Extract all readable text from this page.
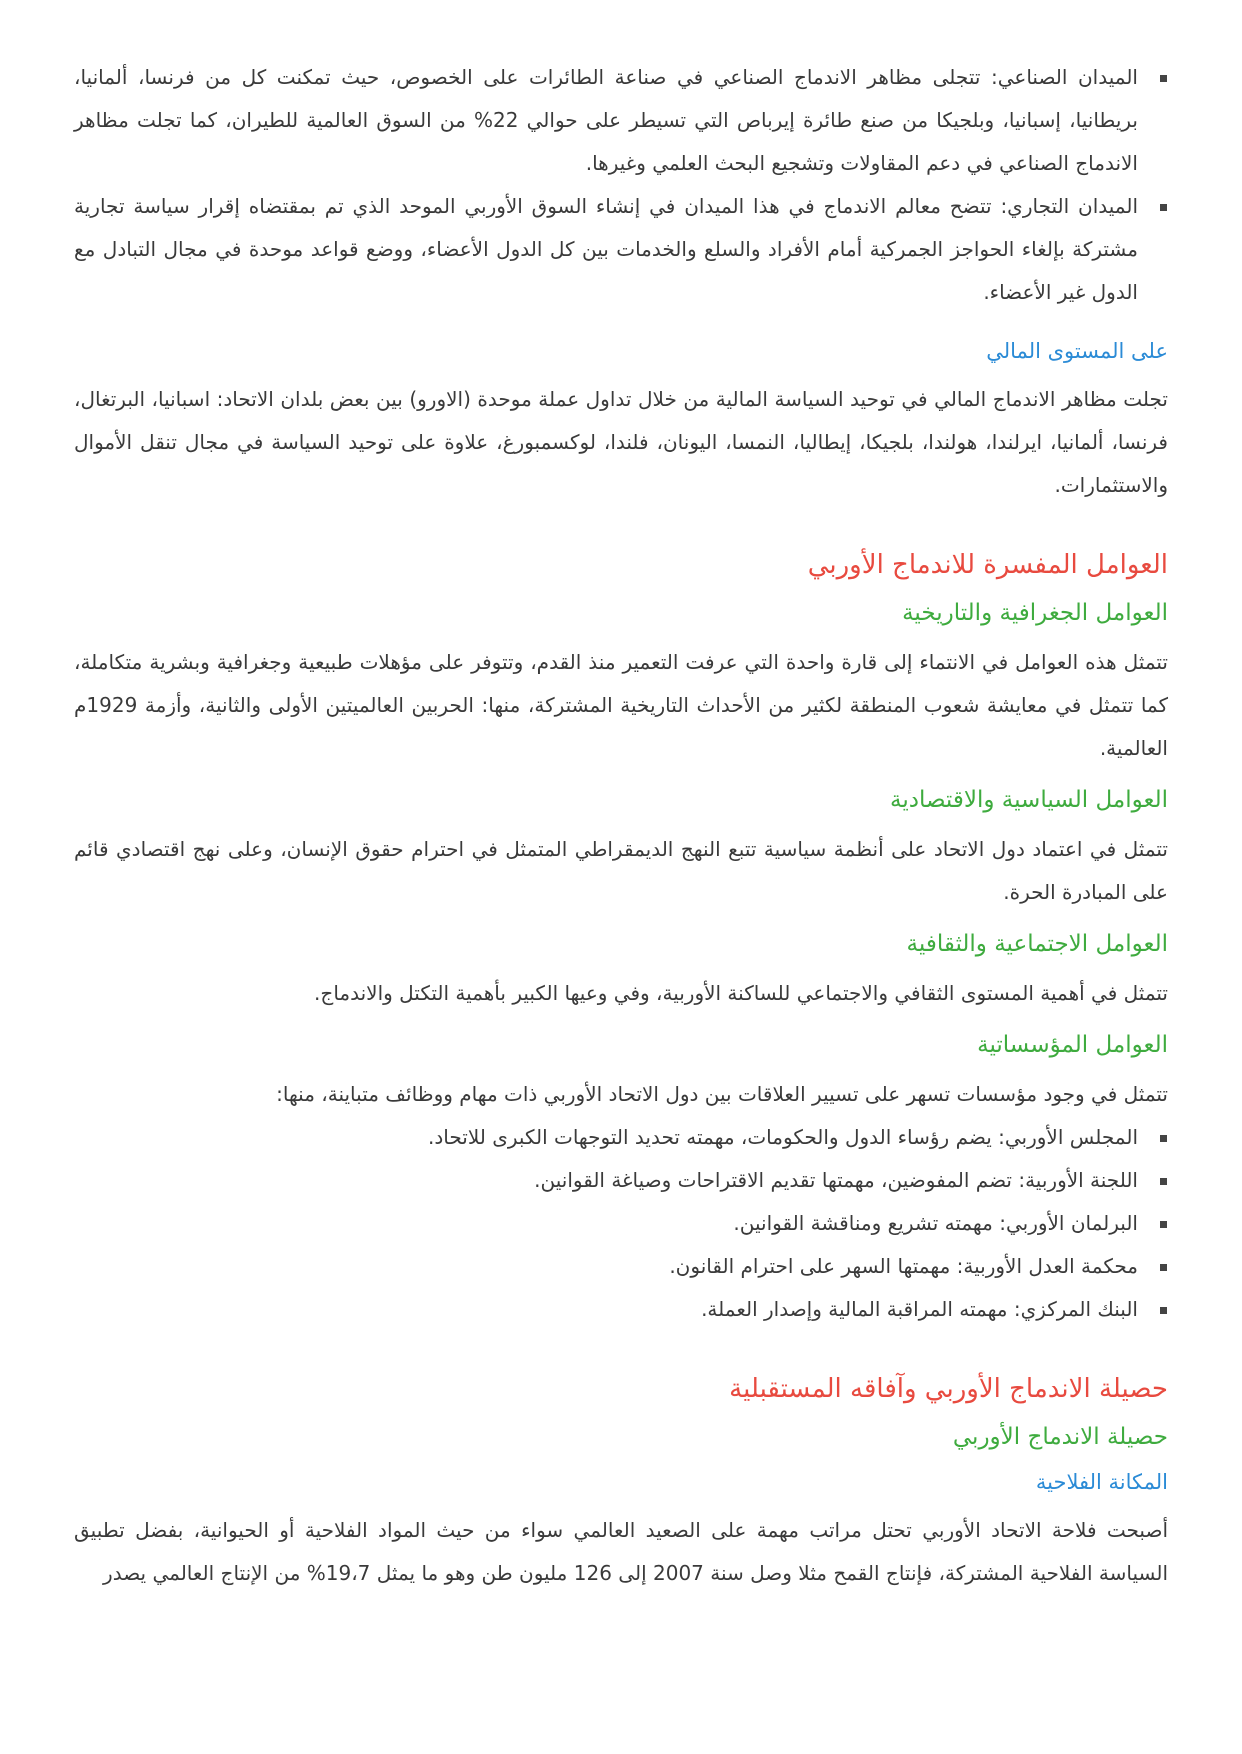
الميدان الصناعي: تتجلى مظاهر الاندماج الصناعي في صناعة الطائرات على الخصوص، حيث تمكنت كل من فرنسا، ألمانيا، بريطانيا، إسبانيا، وبلجيكا من صنع طائرة إيرباص التي تسيطر على حوالي 22% من السوق العالمية للطيران، كما تجلت مظاهر الاندماج الصناعي في دعم المقاولات وتشجيع البحث العلمي وغيرها.
الميدان التجاري: تتضح معالم الاندماج في هذا الميدان في إنشاء السوق الأوربي الموحد الذي تم بمقتضاه إقرار سياسة تجارية مشتركة بإلغاء الحواجز الجمركية أمام الأفراد والسلع والخدمات بين كل الدول الأعضاء، ووضع قواعد موحدة في مجال التبادل مع الدول غير الأعضاء.
على المستوى المالي

تجلت مظاهر الاندماج المالي في توحيد السياسة المالية من خلال تداول عملة موحدة (الاورو) بين بعض بلدان الاتحاد: اسبانيا، البرتغال، فرنسا، ألمانيا، ايرلندا، هولندا، بلجيكا، إيطاليا، النمسا، اليونان، فلندا، لوكسمبورغ، علاوة على توحيد السياسة في مجال تنقل الأموال والاستثمارات.

العوامل المفسرة للاندماج الأوربي
العوامل الجغرافية والتاريخية

تتمثل هذه العوامل في الانتماء إلى قارة واحدة التي عرفت التعمير منذ القدم، وتتوفر على مؤهلات طبيعية وجغرافية وبشرية متكاملة، كما تتمثل في معايشة شعوب المنطقة لكثير من الأحداث التاريخية المشتركة، منها: الحربين العالميتين الأولى والثانية، وأزمة 1929م العالمية.

العوامل السياسية والاقتصادية

تتمثل في اعتماد دول الاتحاد على أنظمة سياسية تتبع النهج الديمقراطي المتمثل في احترام حقوق الإنسان، وعلى نهج اقتصادي قائم على المبادرة الحرة.

العوامل الاجتماعية والثقافية

تتمثل في أهمية المستوى الثقافي والاجتماعي للساكنة الأوربية، وفي وعيها الكبير بأهمية التكتل والاندماج.

العوامل المؤسساتية

تتمثل في وجود مؤسسات تسهر على تسيير العلاقات بين دول الاتحاد الأوربي ذات مهام ووظائف متباينة، منها:

المجلس الأوربي: يضم رؤساء الدول والحكومات، مهمته تحديد التوجهات الكبرى للاتحاد.
اللجنة الأوربية: تضم المفوضين، مهمتها تقديم الاقتراحات وصياغة القوانين.
البرلمان الأوربي: مهمته تشريع ومناقشة القوانين.
محكمة العدل الأوربية: مهمتها السهر على احترام القانون.
البنك المركزي: مهمته المراقبة المالية وإصدار العملة.
حصيلة الاندماج الأوربي وآفاقه المستقبلية
حصيلة الاندماج الأوربي
المكانة الفلاحية

أصبحت فلاحة الاتحاد الأوربي تحتل مراتب مهمة على الصعيد العالمي سواء من حيث المواد الفلاحية أو الحيوانية، بفضل تطبيق السياسة الفلاحية المشتركة، فإنتاج القمح مثلا وصل سنة 2007 إلى 126 مليون طن وهو ما يمثل 19،7% من الإنتاج العالمي يصدر
